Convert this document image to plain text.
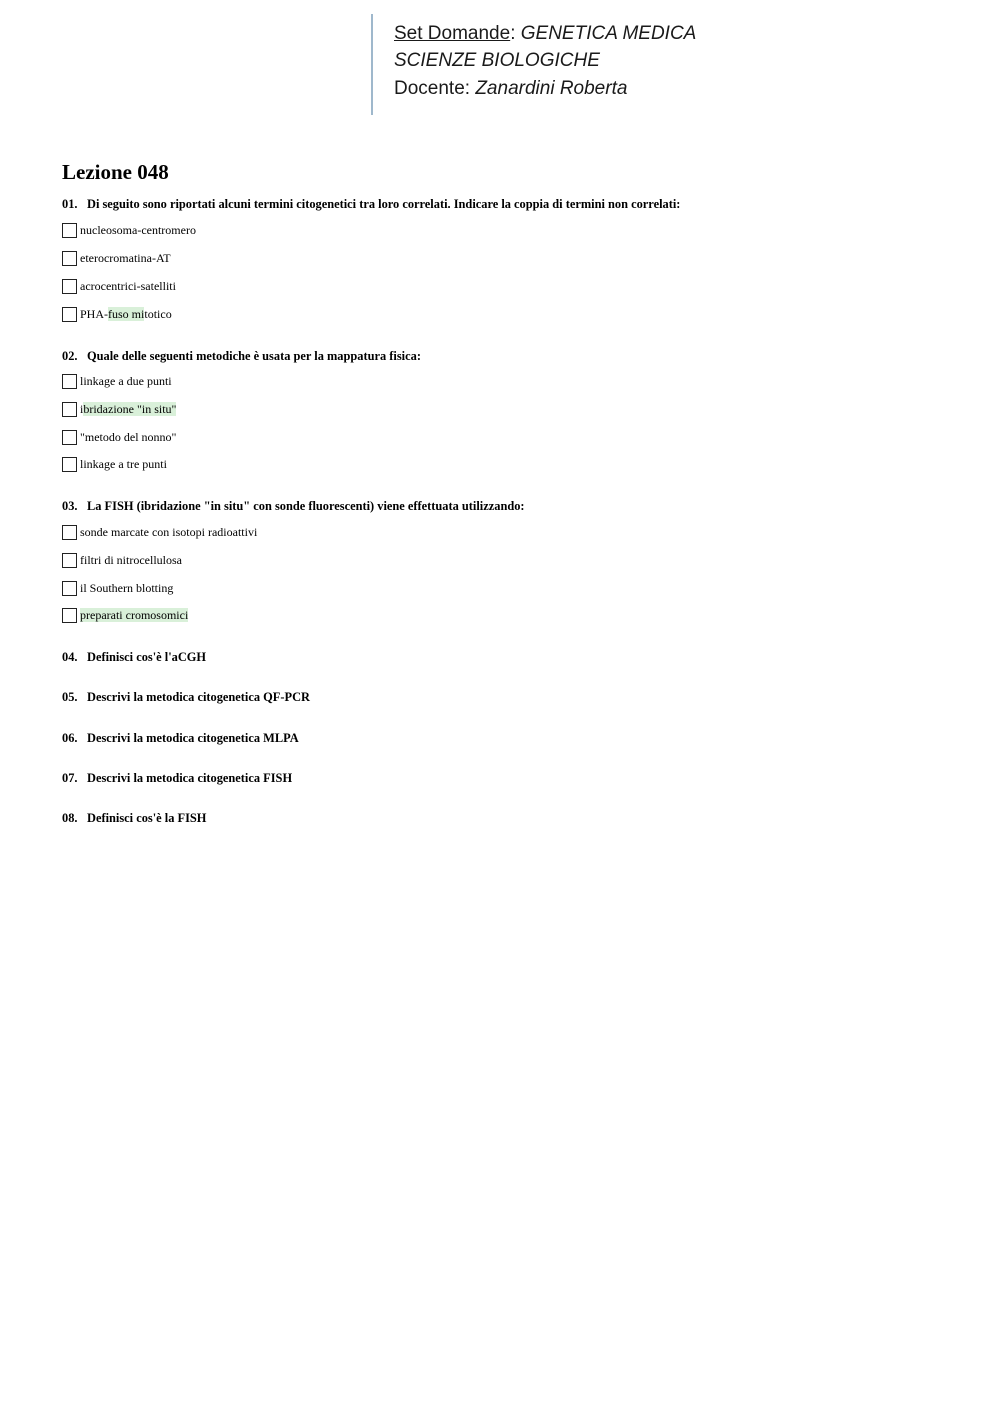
Set Domande: GENETICA MEDICA
SCIENZE BIOLOGICHE
Docente: Zanardini Roberta
Lezione 048
01. Di seguito sono riportati alcuni termini citogenetici tra loro correlati. Indicare la coppia di termini non correlati:
nucleosoma-centromero
eterocromatina-AT
acrocentrici-satelliti
PHA-fuso mitotico
02. Quale delle seguenti metodiche è usata per la mappatura fisica:
linkage a due punti
ibridazione "in situ"
"metodo del nonno"
linkage a tre punti
03. La FISH (ibridazione "in situ" con sonde fluorescenti) viene effettuata utilizzando:
sonde marcate con isotopi radioattivi
filtri di nitrocellulosa
il Southern blotting
preparati cromosomici
04. Definisci cos'è l'aCGH
05. Descrivi la metodica citogenetica QF-PCR
06. Descrivi la metodica citogenetica MLPA
07. Descrivi la metodica citogenetica FISH
08. Definisci cos'è la FISH
